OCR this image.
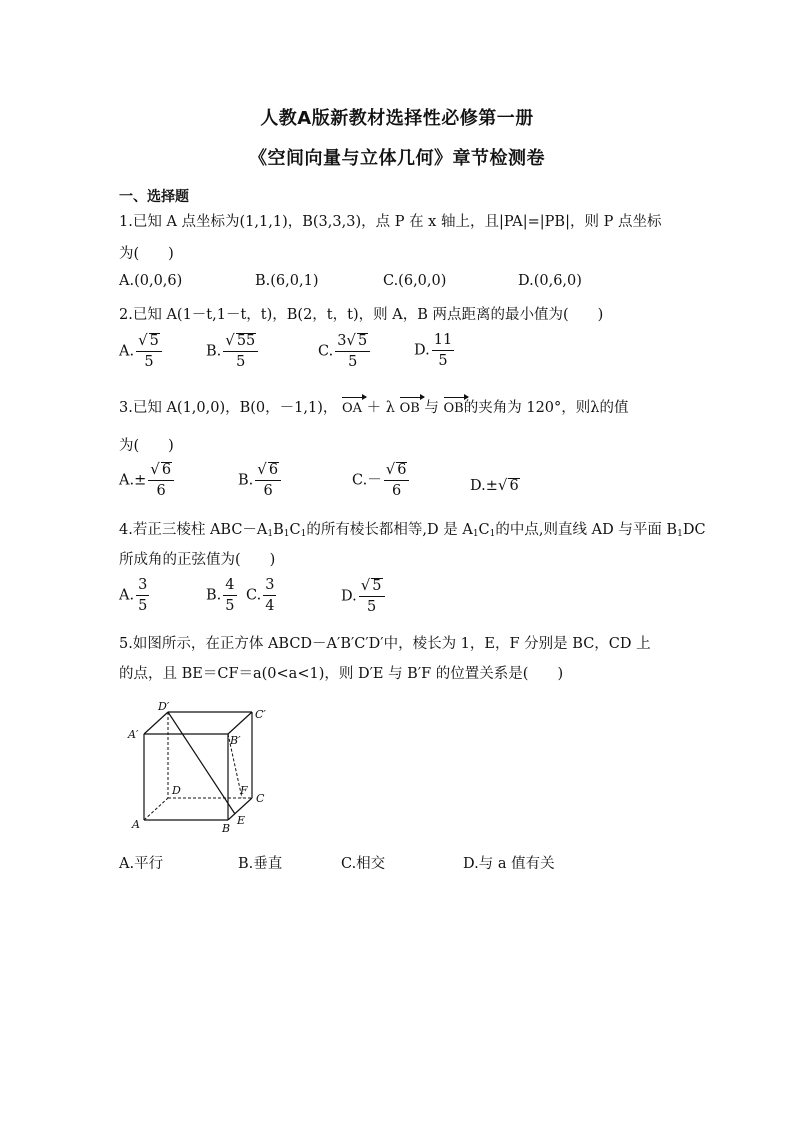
人教A版新教材选择性必修第一册
《空间向量与立体几何》章节检测卷
一、选择题
1.已知 A 点坐标为(1,1,1)，B(3,3,3)，点 P 在 x 轴上，且|PA|=|PB|，则 P 点坐标
为(　　)
A.(0,0,6)	B.(6,0,1)	C.(6,0,0)	D.(0,6,0)
2.已知 A(1－t,1－t，t)，B(2，t，t)，则 A，B 两点距离的最小值为(　　)
A. $\frac{√ 5}{5}$	B. $\frac{√ 55}{5}$	C. $\frac{3√ 5}{5}$	D. $\frac{11}{5}$
3.已知 A(1,0,0)，B(0，－1,1)， OA ＋ λ OB 与 OB的夹角为 120°，则λ的值
为(　　)
$A.\pm \frac{√ 6}{6}$	B. $\frac{√ 6}{6}$	$C.- \frac{√ 6}{6}$	D.±√ 6
4.若正三棱柱 $ABC-A_1B_1C_1$的所有棱长都相等,D 是 $A_1C_1$的中点,则直线 AD 与平面 $B_1DC$
所成角的正弦值为(　　)
A. $\frac{3}{5}$	B. $\frac{4}{5} C$. $\frac{3}{4}$	D. $\frac{√ 5}{5}$
5.如图所示，在正方体 ABCD－A′B′C′D′中，棱长为 1，E，F 分别是 BC，CD 上
的点，且 BE＝CF＝a(0<a<1)，则 D′E 与 B′F 的位置关系是(　　)
D′
C′
A′	B′
D	F
C
A	B
E
A.平行	B.垂直	C.相交	D.与 a 值有关
